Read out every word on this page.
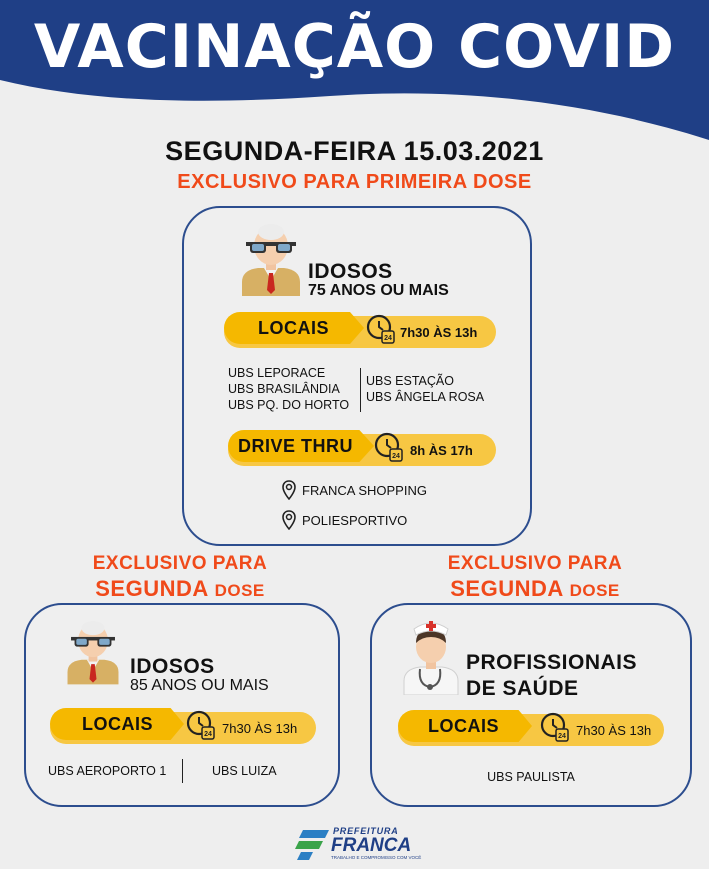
VACINAÇÃO COVID
SEGUNDA-FEIRA 15.03.2021
EXCLUSIVO PARA PRIMEIRA DOSE
IDOSOS
75 ANOS OU MAIS
LOCAIS
24 7h30 ÀS 13h
UBS LEPORACE
UBS BRASILÂNDIA
UBS PQ. DO HORTO
UBS ESTAÇÃO
UBS ÂNGELA ROSA
DRIVE THRU
24 8h ÀS 17h
FRANCA SHOPPING
POLIESPORTIVO
EXCLUSIVO PARA
SEGUNDA DOSE
IDOSOS
85 ANOS OU MAIS
LOCAIS
24 7h30 ÀS 13h
UBS AEROPORTO 1	UBS LUIZA
EXCLUSIVO PARA
SEGUNDA DOSE
PROFISSIONAIS
DE SAÚDE
LOCAIS
24 7h30 ÀS 13h
UBS PAULISTA
PREFEITURA
FRANCA
TRABALHO E COMPROMISSO COM VOCÊ
